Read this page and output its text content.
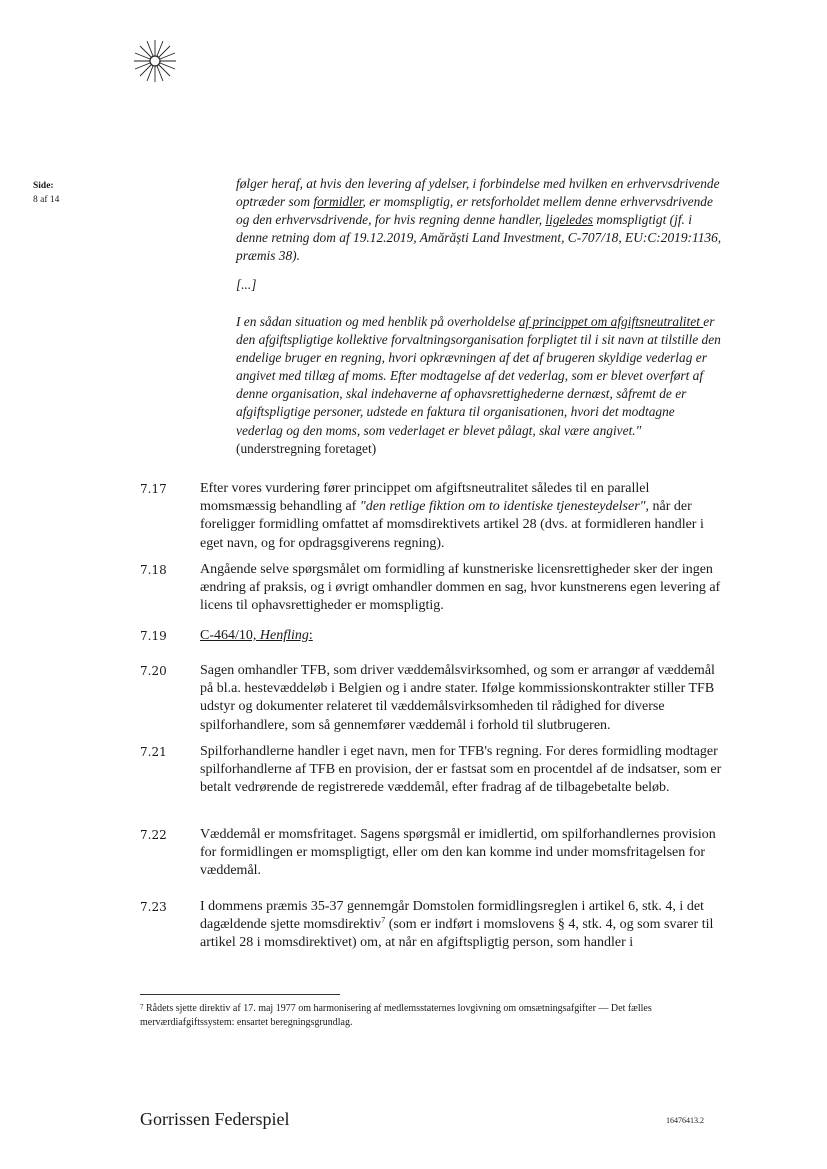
Side:
8 af 14

følger heraf, at hvis den levering af ydelser, i forbindelse med hvilken en erhvervsdrivende optræder som formidler, er momspligtig, er retsforholdet mellem denne erhvervsdrivende og den erhvervsdrivende, for hvis regning denne handler, ligeledes momspligtigt (jf. i denne retning dom af 19.12.2019, Amărăști Land Investment, C-707/18, EU:C:2019:1136, præmis 38).

[...]

I en sådan situation og med henblik på overholdelse af princippet om afgiftsneutralitet er den afgiftspligtige kollektive forvaltningsorganisation forpligtet til i sit navn at tilstille den endelige bruger en regning, hvori opkrævningen af det af brugeren skyldige vederlag er angivet med tillæg af moms. Efter modtagelse af det vederlag, som er blevet overført af denne organisation, skal indehaverne af ophavsrettighederne dernæst, såfremt de er afgiftspligtige personer, udstede en faktura til organisationen, hvori det modtagne vederlag og den moms, som vederlaget er blevet pålagt, skal være angivet." (understregning foretaget)

7.17 Efter vores vurdering fører princippet om afgiftsneutralitet således til en parallel momsmæssig behandling af "den retlige fiktion om to identiske tjenesteydelser", når der foreligger formidling omfattet af momsdirektivets artikel 28 (dvs. at formidleren handler i eget navn, og for opdragsgiverens regning).

7.18 Angående selve spørgsmålet om formidling af kunstneriske licensrettigheder sker der ingen ændring af praksis, og i øvrigt omhandler dommen en sag, hvor kunstnerens egen levering af licens til ophavsrettigheder er momspligtig.

7.19 C-464/10, Henfling:

7.20 Sagen omhandler TFB, som driver væddemålsvirksomhed, og som er arrangør af væddemål på bl.a. hestevæddeløb i Belgien og i andre stater. Ifølge kommissionskontrakter stiller TFB udstyr og dokumenter relateret til væddemålsvirksomheden til rådighed for diverse spilforhandlere, som så gennemfører væddemål i forhold til slutbrugeren.

7.21 Spilforhandlerne handler i eget navn, men for TFB's regning. For deres formidling modtager spilforhandlerne af TFB en provision, der er fastsat som en procentdel af de indsatser, som er betalt vedrørende de registrerede væddemål, efter fradrag af de tilbagebetalte beløb.

7.22 Væddemål er momsfritaget. Sagens spørgsmål er imidlertid, om spilforhandlernes provision for formidlingen er momspligtigt, eller om den kan komme ind under momsfritagelsen for væddemål.

7.23 I dommens præmis 35-37 gennemgår Domstolen formidlingsreglen i artikel 6, stk. 4, i det dagældende sjette momsdirektiv$^7$ (som er indført i momslovens § 4, stk. 4, og som svarer til artikel 28 i momsdirektivet) om, at når en afgiftspligtig person, som handler i

$^7$ Rådets sjette direktiv af 17. maj 1977 om harmonisering af medlemsstaternes lovgivning om omsætningsafgifter — Det fælles merværdiafgiftssystem: ensartet beregningsgrundlag.

Gorrissen Federspiel	16476413.2
